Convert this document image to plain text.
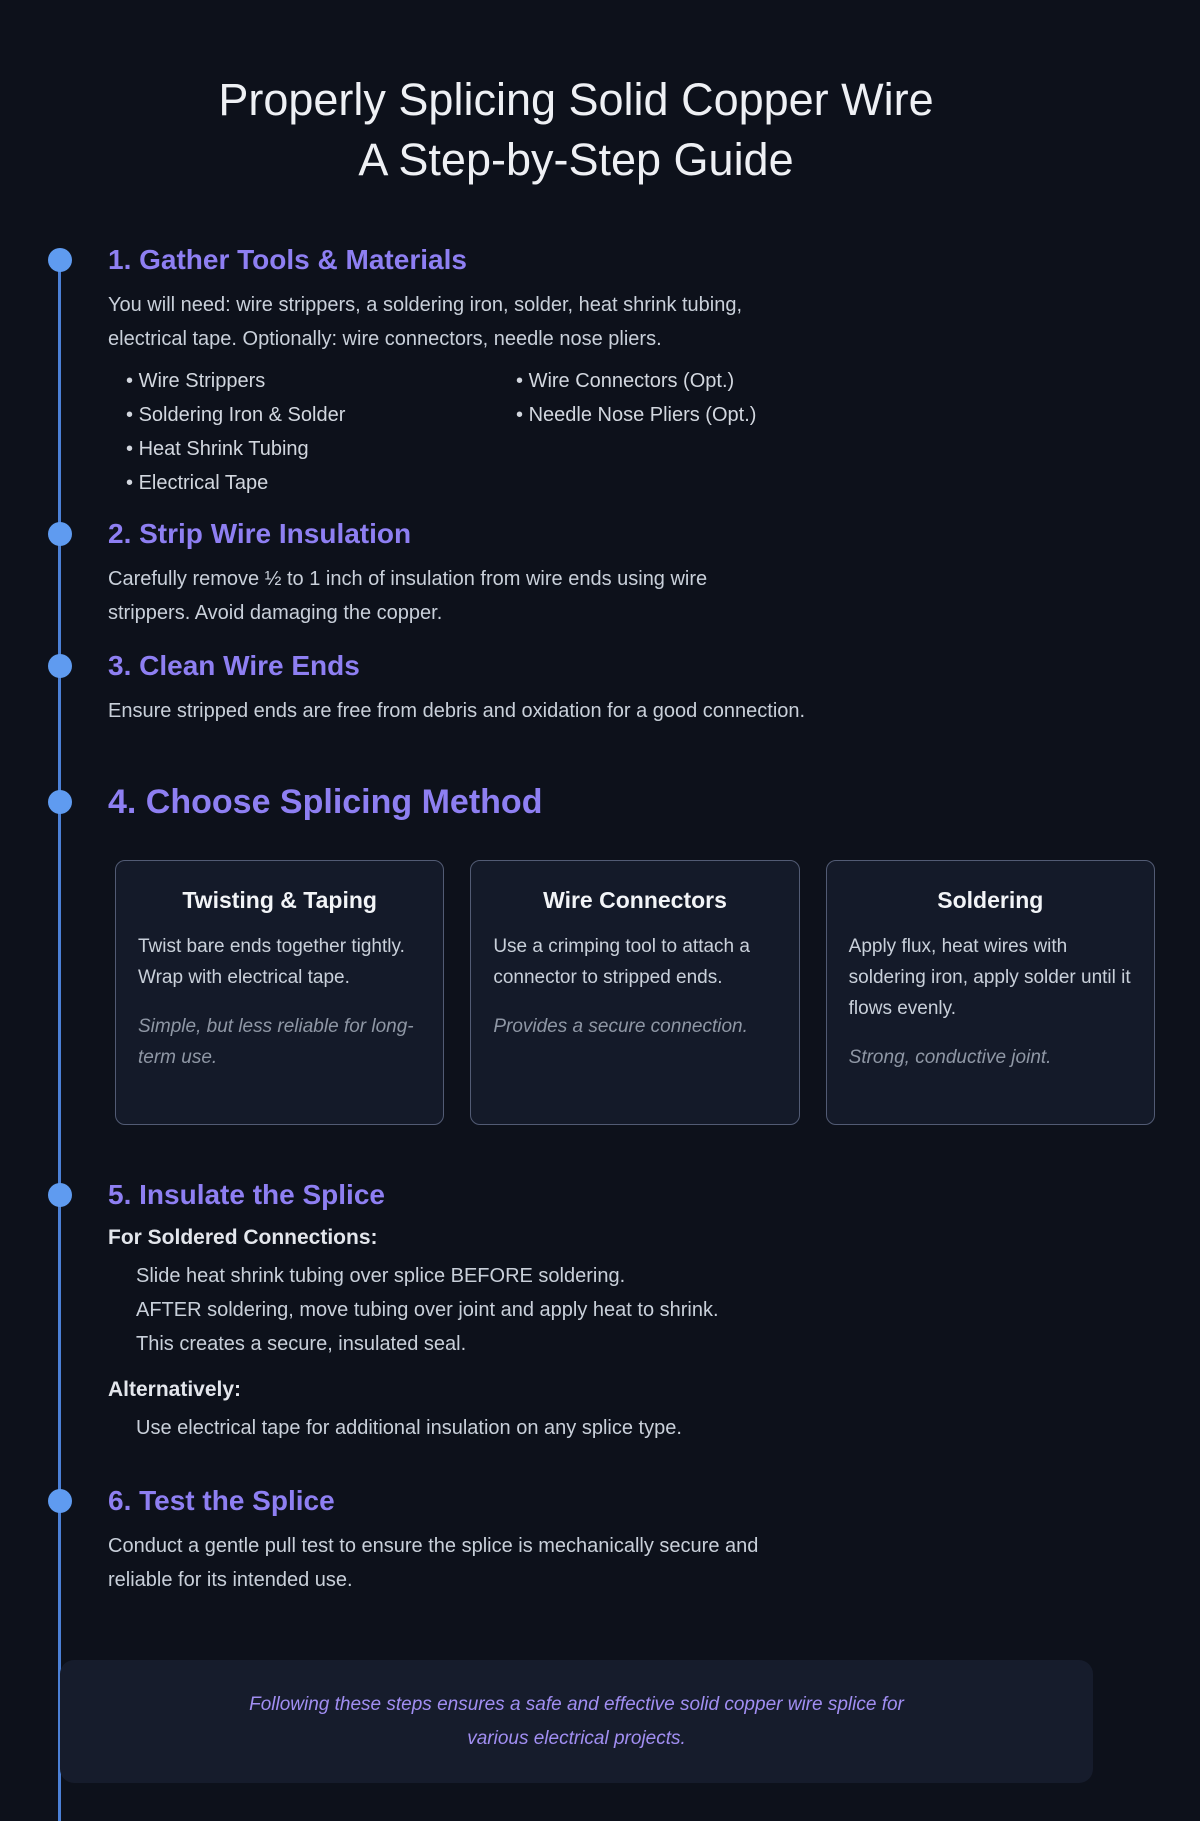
Properly Splicing Solid Copper Wire
A Step-by-Step Guide
1. Gather Tools & Materials
You will need: wire strippers, a soldering iron, solder, heat shrink tubing, electrical tape. Optionally: wire connectors, needle nose pliers.
• Wire Strippers
• Soldering Iron & Solder
• Heat Shrink Tubing
• Electrical Tape
• Wire Connectors (Opt.)
• Needle Nose Pliers (Opt.)
2. Strip Wire Insulation
Carefully remove ½ to 1 inch of insulation from wire ends using wire strippers. Avoid damaging the copper.
3. Clean Wire Ends
Ensure stripped ends are free from debris and oxidation for a good connection.
4. Choose Splicing Method
Twisting & Taping
Twist bare ends together tightly. Wrap with electrical tape.
Simple, but less reliable for long-term use.
Wire Connectors
Use a crimping tool to attach a connector to stripped ends.
Provides a secure connection.
Soldering
Apply flux, heat wires with soldering iron, apply solder until it flows evenly.
Strong, conductive joint.
5. Insulate the Splice
For Soldered Connections:
Slide heat shrink tubing over splice BEFORE soldering.
AFTER soldering, move tubing over joint and apply heat to shrink.
This creates a secure, insulated seal.
Alternatively:
Use electrical tape for additional insulation on any splice type.
6. Test the Splice
Conduct a gentle pull test to ensure the splice is mechanically secure and reliable for its intended use.
Following these steps ensures a safe and effective solid copper wire splice for various electrical projects.
